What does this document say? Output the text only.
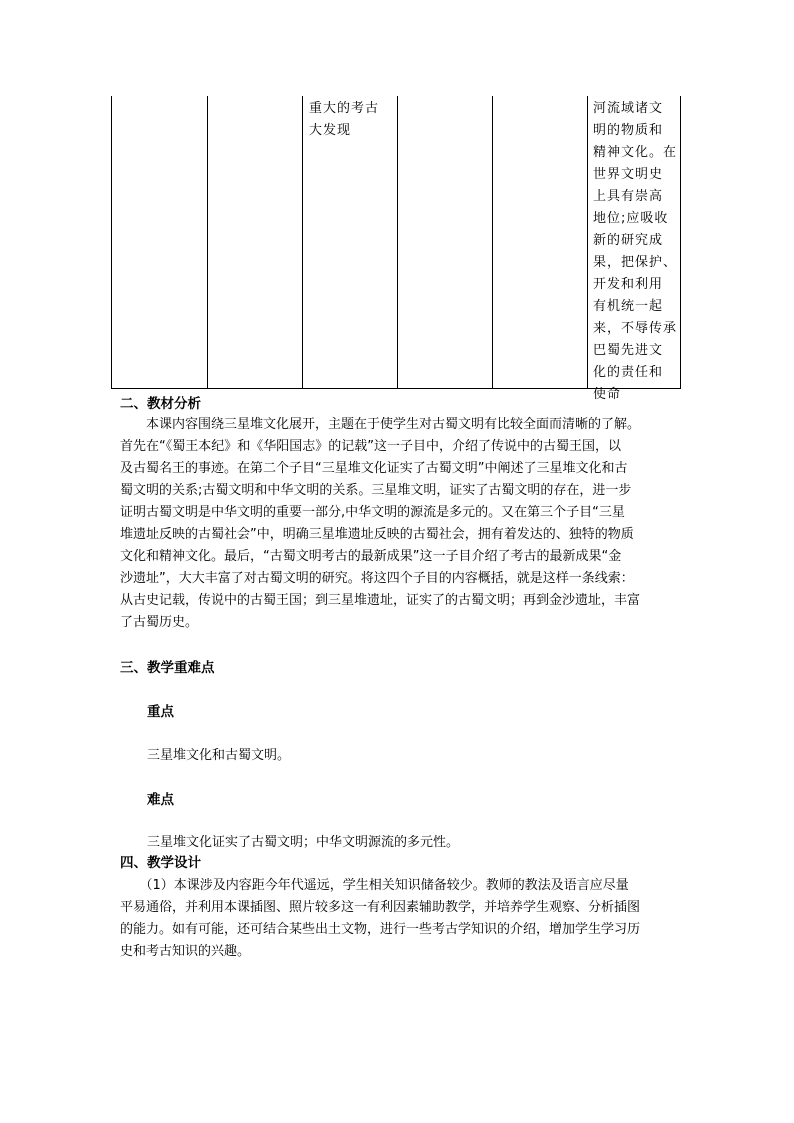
重大的考古
大发现
河流域诸文
明的物质和
精神文化。在
世界文明史
上具有崇高
地位;应吸收
新的研究成
果，把保护、
开发和利用
有机统一起
来，不辱传承
巴蜀先进文
化的责任和
使命
二、教材分析
　　本课内容围绕三星堆文化展开，主题在于使学生对古蜀文明有比较全面而清晰的了解。
首先在“《蜀王本纪》和《华阳国志》的记载”这一子目中，介绍了传说中的古蜀王国，以
及古蜀名王的事迹。在第二个子目“三星堆文化证实了古蜀文明”中阐述了三星堆文化和古
蜀文明的关系;古蜀文明和中华文明的关系。三星堆文明，证实了古蜀文明的存在，进一步
证明古蜀文明是中华文明的重要一部分,中华文明的源流是多元的。又在第三个子目“三星
堆遗址反映的古蜀社会”中，明确三星堆遗址反映的古蜀社会，拥有着发达的、独特的物质
文化和精神文化。最后，“古蜀文明考古的最新成果”这一子目介绍了考古的最新成果“金
沙遗址”，大大丰富了对古蜀文明的研究。将这四个子目的内容概括，就是这样一条线索：
从古史记载，传说中的古蜀王国；到三星堆遗址，证实了的古蜀文明；再到金沙遗址，丰富
了古蜀历史。
三、教学重难点
重点
三星堆文化和古蜀文明。
难点
三星堆文化证实了古蜀文明；中华文明源流的多元性。
四、教学设计
　　（1）本课涉及内容距今年代遥远，学生相关知识储备较少。教师的教法及语言应尽量
平易通俗，并利用本课插图、照片较多这一有利因素辅助教学，并培养学生观察、分析插图
的能力。如有可能，还可结合某些出土文物，进行一些考古学知识的介绍，增加学生学习历
史和考古知识的兴趣。
